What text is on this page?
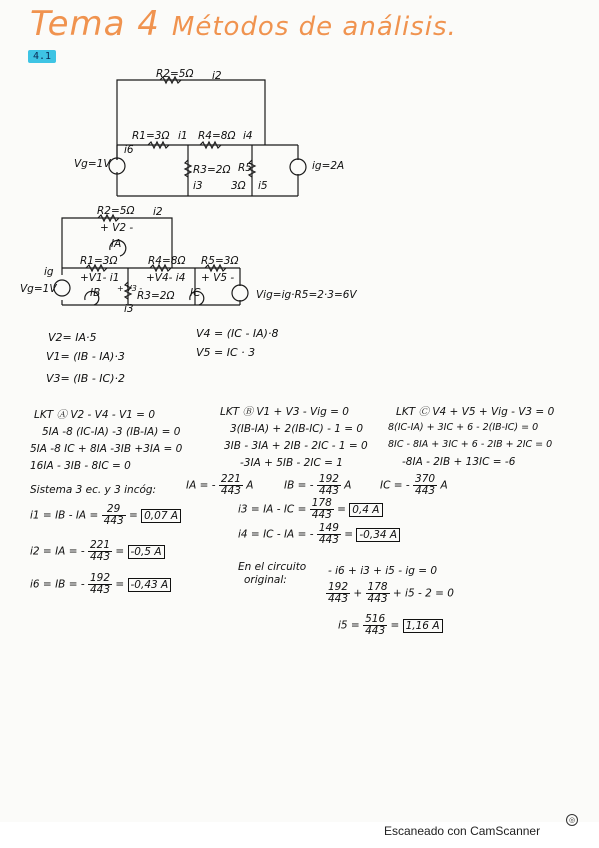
Tema 4 Métodos de análisis.
4.1
R2=5Ω i2
R1=3Ω i1 R4=8Ω i4
Vg=1V	ig=2A
i6
R3=2Ω
i3
R5
3Ω i5
R2=5Ω i2
+ V2 -
IA
R1=3Ω
+V1- i1
R4=8Ω
+V4- i4
R5=3Ω
+ V5 -
ig
Vg=1V	IB + V3 -
R3=2Ω
i3
IC	Vig=ig·R5=2·3=6V
V2= IA·5
V1= (IB - IA)·3
V3= (IB - IC)·2
V4 = (IC - IA)·8
V5 = IC · 3
LKT Ⓐ V2 - V4 - V1 = 0
5IA -8 (IC-IA) -3 (IB-IA) = 0
5IA -8 IC + 8IA -3IB +3IA = 0
16IA - 3IB - 8IC = 0
LKT Ⓑ V1 + V3 - Vig = 0
3(IB-IA) + 2(IB-IC) - 1 = 0
3IB - 3IA + 2IB - 2IC - 1 = 0
-3IA + 5IB - 2IC = 1
LKT Ⓒ V4 + V5 + Vig - V3 = 0
8(IC-IA) + 3IC + 6 - 2(IB-IC) = 0
8IC - 8IA + 3IC + 6 - 2IB + 2IC = 0
-8IA - 2IB + 13IC = -6
Sistema 3 ec. y 3 incóg:	IA = - $\frac{221}{443}$ A	IB = - $\frac{192}{443}$ A	IC = - $\frac{370}{443}$ A
i1 = IB - IA = $\frac{29}{443} = 0,07$ A
i2 = IA = - $\frac{221}{443} = -0,5$ A
i6 = IB = - $\frac{192}{443} = -0,43$ A
i3 = IA - IC = $\frac{178}{443} = 0,4$ A
i4 = IC - IA = - $\frac{149}{443} = -0,34$ A
En el circuito
original:
- i6 + i3 + i5 - ig = 0
$\frac{192}{443} + \frac{178}{443} + i5 - 2 = 0$
$i5 = \frac{516}{443} = 1,16$ A
Escaneado con CamScanner
◎
